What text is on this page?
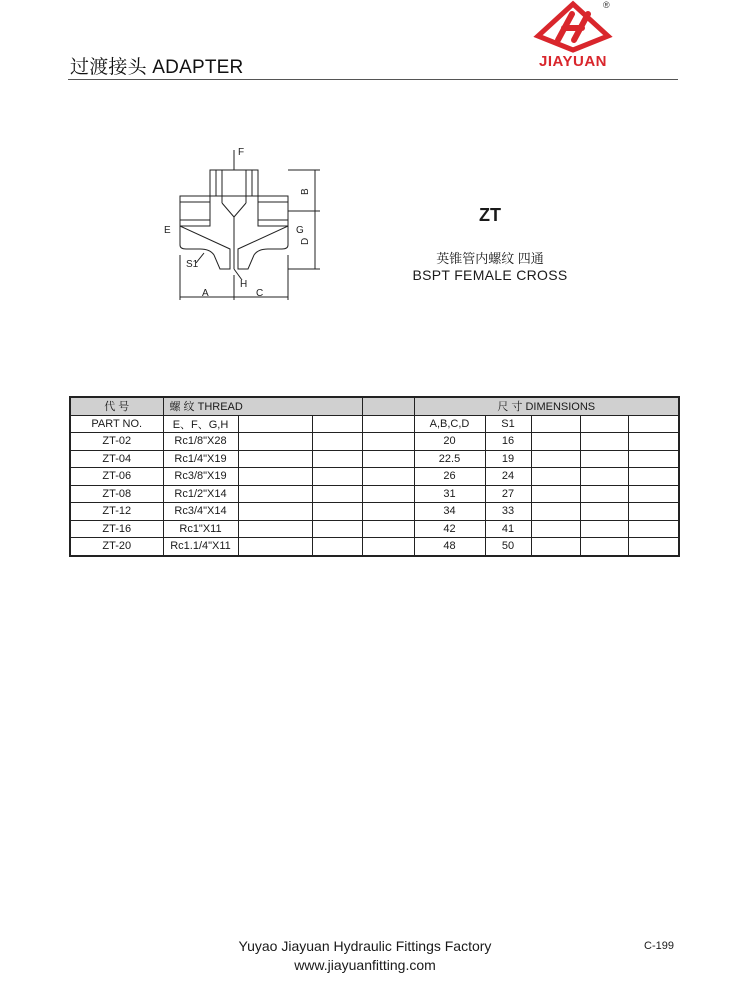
过渡接头 ADAPTER
®
JIAYUAN
F
E	G
H
S1
A	C
B
D
ZT
英锥管内螺纹 四通
BSPT FEMALE CROSS
代 号	螺 纹 THREAD				尺 寸 DIMENSIONS				
PART NO.	E、F、G,H				A,B,C,D	S1			
ZT-02	Rc1/8"X28				20	16			
ZT-04	Rc1/4"X19				22.5	19			
ZT-06	Rc3/8"X19				26	24			
ZT-08	Rc1/2"X14				31	27			
ZT-12	Rc3/4"X14				34	33			
ZT-16	Rc1"X11				42	41			
ZT-20	Rc1.1/4"X11				48	50			
Yuyao Jiayuan Hydraulic Fittings Factory
www.jiayuanfitting.com
C-199
